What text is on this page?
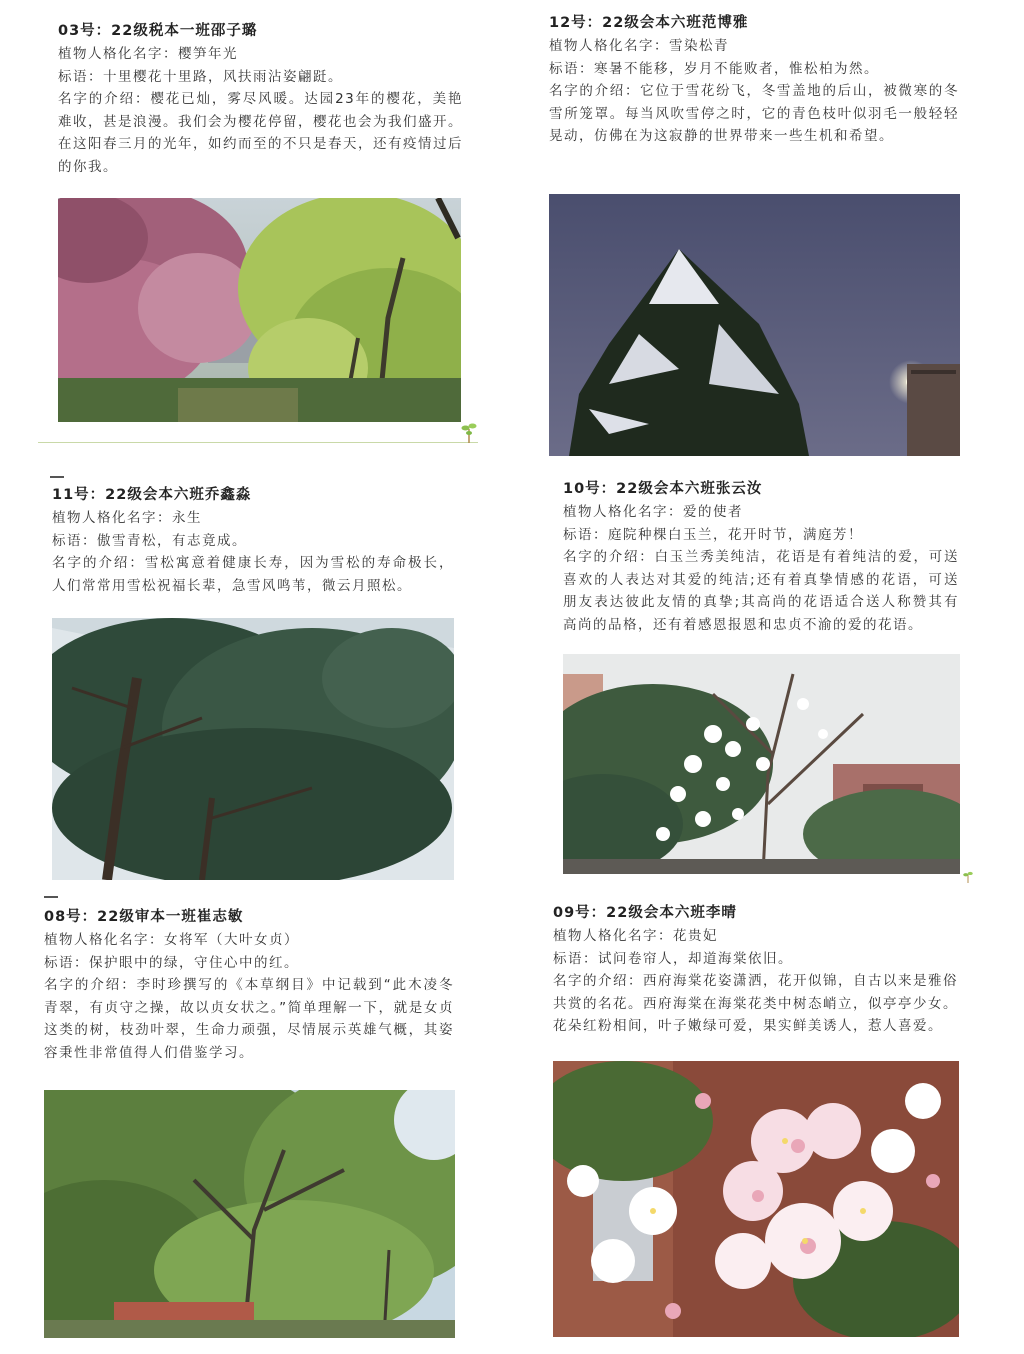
03号：22级税本一班邵子璐

植物人格化名字：樱笋年光

标语：十里樱花十里路，风扶雨沾姿翩跹。

名字的介绍：樱花已灿，雾尽风暖。达园23年的樱花，美艳难收，甚是浪漫。我们会为樱花停留，樱花也会为我们盛开。在这阳春三月的光年，如约而至的不只是春天，还有疫情过后的你我。

12号：22级会本六班范博雅

植物人格化名字：雪染松青

标语：寒暑不能移，岁月不能败者，惟松柏为然。

名字的介绍：它位于雪花纷飞，冬雪盖地的后山，被微寒的冬雪所笼罩。每当风吹雪停之时，它的青色枝叶似羽毛一般轻轻晃动，仿佛在为这寂静的世界带来一些生机和希望。

11号：22级会本六班乔鑫淼

植物人格化名字：永生

标语：傲雪青松，有志竟成。

名字的介绍：雪松寓意着健康长寿，因为雪松的寿命极长，人们常常用雪松祝福长辈，急雪风鸣苇，微云月照松。

10号：22级会本六班张云汝

植物人格化名字：爱的使者

标语：庭院种棵白玉兰，花开时节，满庭芳！

名字的介绍：白玉兰秀美纯洁，花语是有着纯洁的爱，可送喜欢的人表达对其爱的纯洁;还有着真挚情感的花语，可送朋友表达彼此友情的真挚;其高尚的花语适合送人称赞其有高尚的品格，还有着感恩报恩和忠贞不渝的爱的花语。

08号：22级审本一班崔志敏

植物人格化名字：女将军（大叶女贞）

标语：保护眼中的绿，守住心中的红。

名字的介绍：李时珍撰写的《本草纲目》中记载到“此木凌冬青翠，有贞守之操，故以贞女状之。”简单理解一下，就是女贞这类的树，枝劲叶翠，生命力顽强，尽情展示英雄气概，其姿容秉性非常值得人们借鉴学习。

09号：22级会本六班李晴

植物人格化名字：花贵妃

标语：试问卷帘人，却道海棠依旧。

名字的介绍：西府海棠花姿潇洒，花开似锦，自古以来是雅俗共赏的名花。西府海棠在海棠花类中树态峭立，似亭亭少女。花朵红粉相间，叶子嫩绿可爱，果实鲜美诱人，惹人喜爱。
